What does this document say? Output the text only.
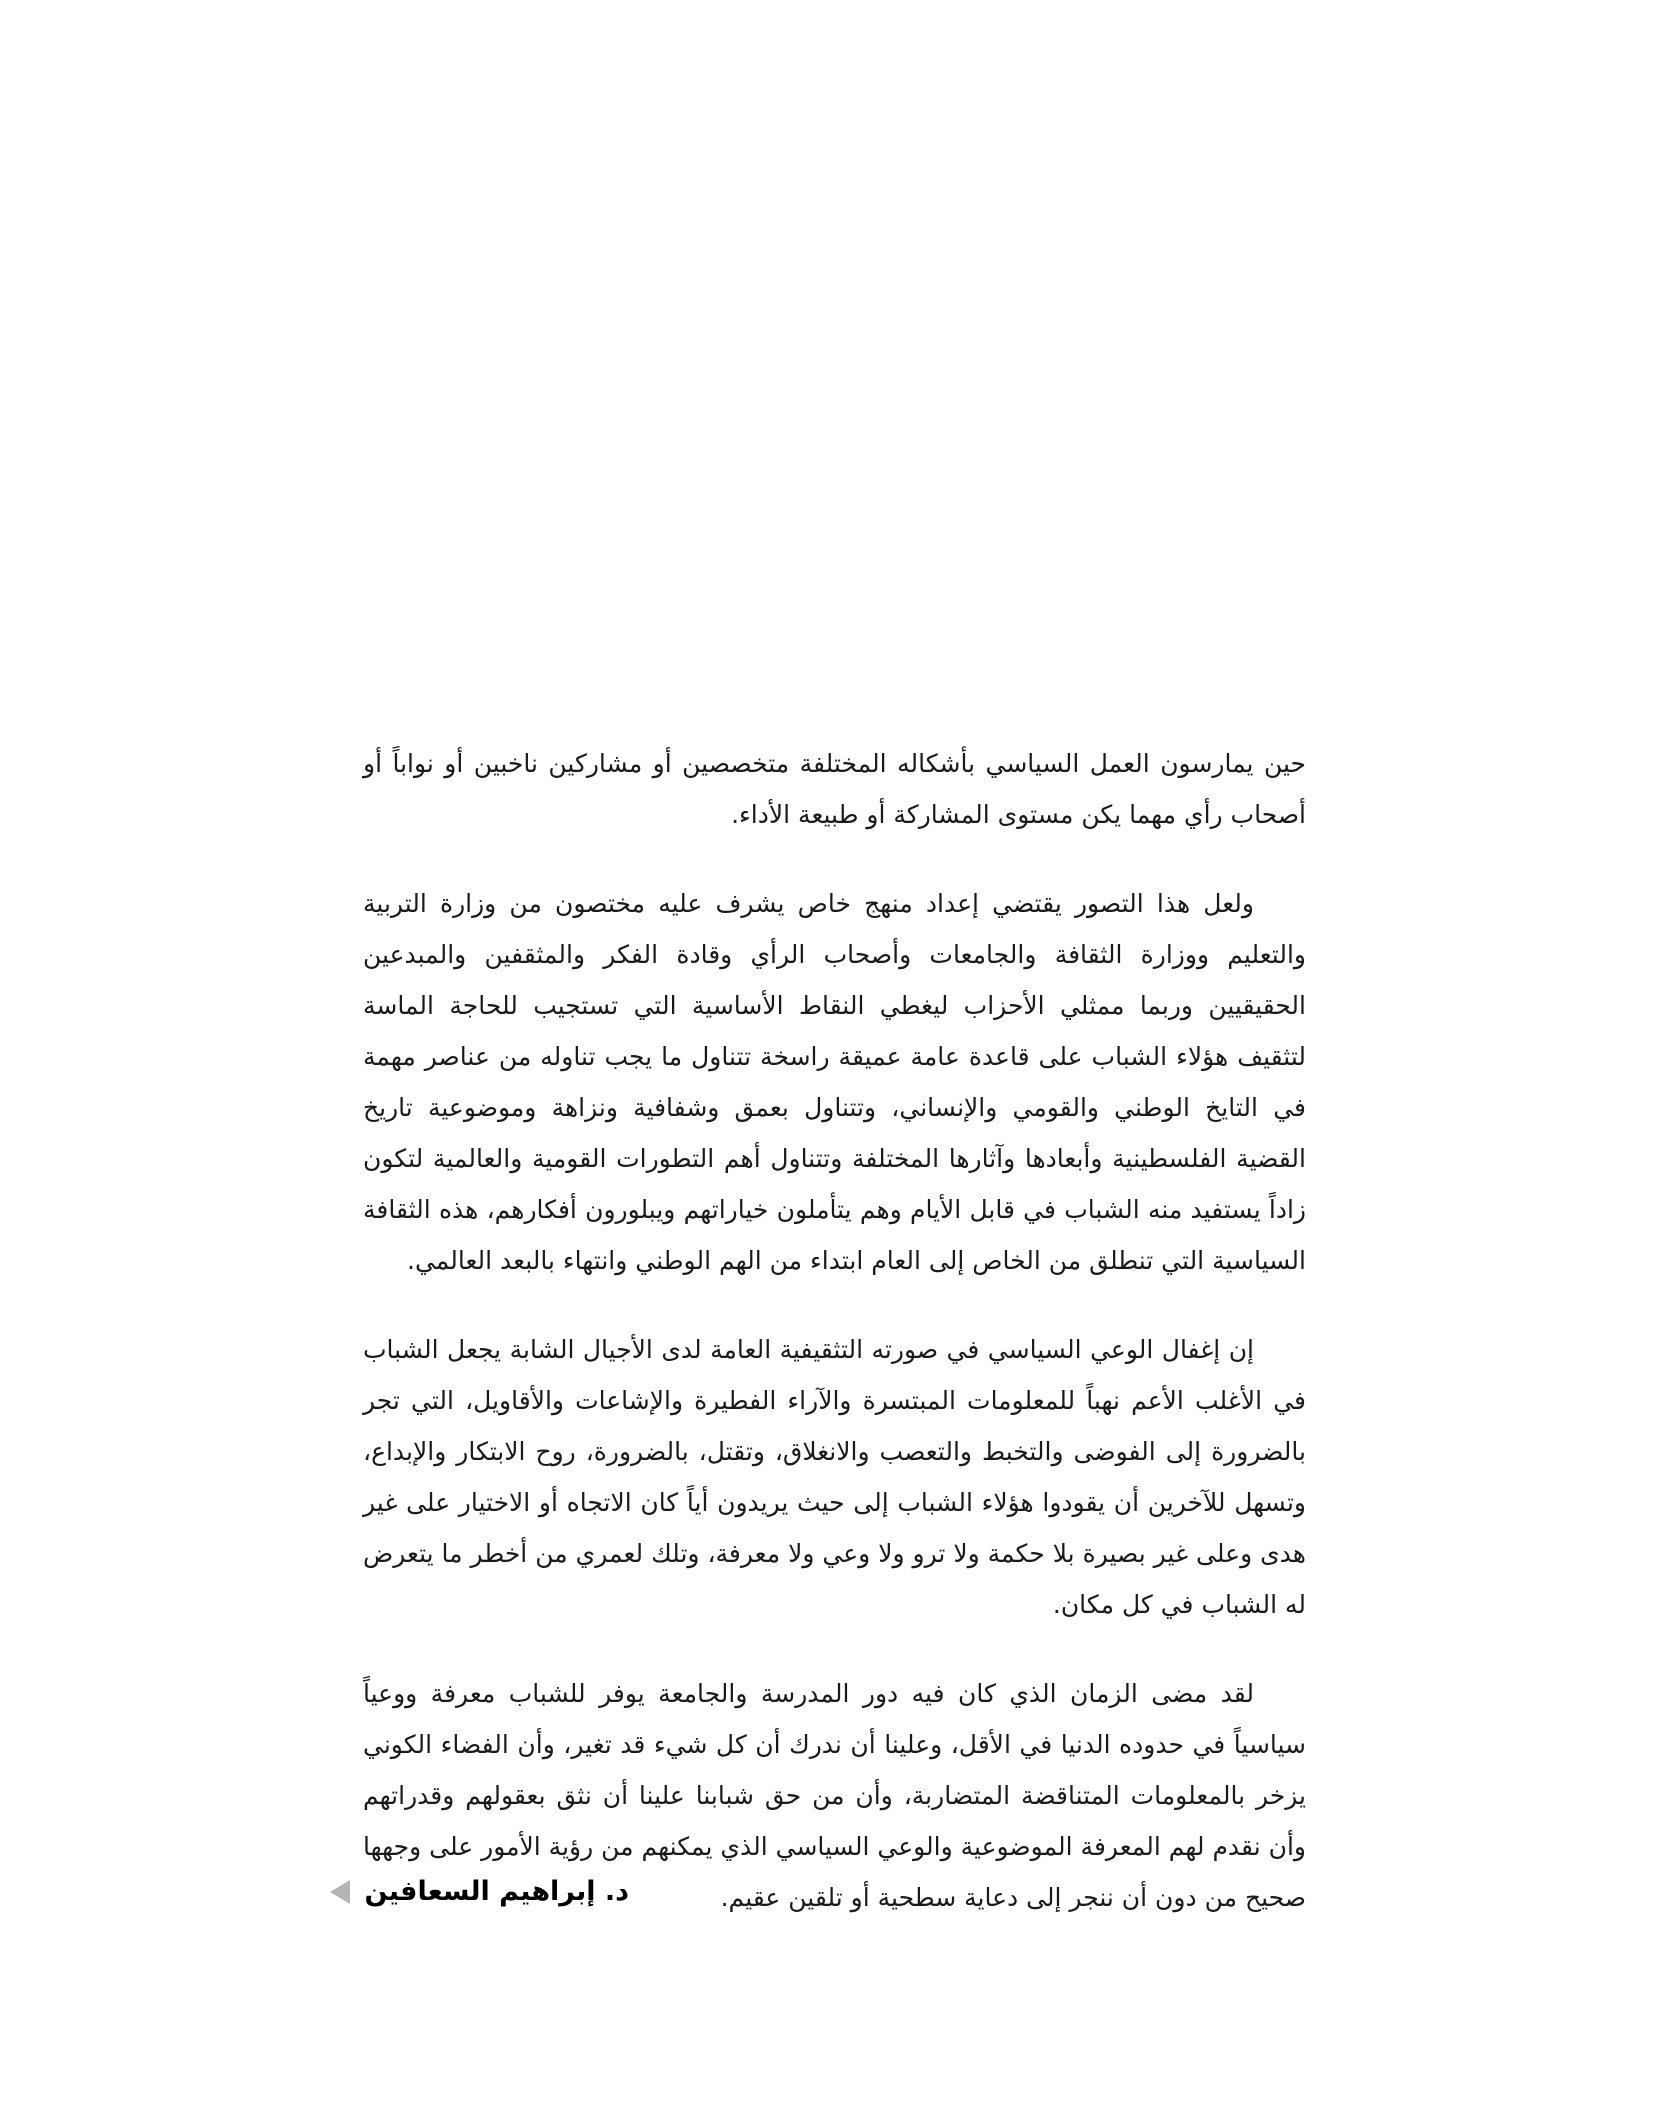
حين يمارسون العمل السياسي بأشكاله المختلفة متخصصين أو مشاركين ناخبين أو نواباً أو أصحاب رأي مهما يكن مستوى المشاركة أو طبيعة الأداء.

ولعل هذا التصور يقتضي إعداد منهج خاص يشرف عليه مختصون من وزارة التربية والتعليم ووزارة الثقافة والجامعات وأصحاب الرأي وقادة الفكر والمثقفين والمبدعين الحقيقيين وربما ممثلي الأحزاب ليغطي النقاط الأساسية التي تستجيب للحاجة الماسة لتثقيف هؤلاء الشباب على قاعدة عامة عميقة راسخة تتناول ما يجب تناوله من عناصر مهمة في التايخ الوطني والقومي والإنساني، وتتناول بعمق وشفافية ونزاهة وموضوعية تاريخ القضية الفلسطينية وأبعادها وآثارها المختلفة وتتناول أهم التطورات القومية والعالمية لتكون زاداً يستفيد منه الشباب في قابل الأيام وهم يتأملون خياراتهم ويبلورون أفكارهم، هذه الثقافة السياسية التي تنطلق من الخاص إلى العام ابتداء من الهم الوطني وانتهاء بالبعد العالمي.

إن إغفال الوعي السياسي في صورته التثقيفية العامة لدى الأجيال الشابة يجعل الشباب في الأغلب الأعم نهباً للمعلومات المبتسرة والآراء الفطيرة والإشاعات والأقاويل، التي تجر بالضرورة إلى الفوضى والتخبط والتعصب والانغلاق، وتقتل، بالضرورة، روح الابتكار والإبداع، وتسهل للآخرين أن يقودوا هؤلاء الشباب إلى حيث يريدون أياً كان الاتجاه أو الاختيار على غير هدى وعلى غير بصيرة بلا حكمة ولا ترو ولا وعي ولا معرفة، وتلك لعمري من أخطر ما يتعرض له الشباب في كل مكان.

لقد مضى الزمان الذي كان فيه دور المدرسة والجامعة يوفر للشباب معرفة ووعياً سياسياً في حدوده الدنيا في الأقل، وعلينا أن ندرك أن كل شيء قد تغير، وأن الفضاء الكوني يزخر بالمعلومات المتناقضة المتضاربة، وأن من حق شبابنا علينا أن نثق بعقولهم وقدراتهم وأن نقدم لهم المعرفة الموضوعية والوعي السياسي الذي يمكنهم من رؤية الأمور على وجهها صحيح من دون أن ننجر إلى دعاية سطحية أو تلقين عقيم.

د. إبراهيم السعافين
